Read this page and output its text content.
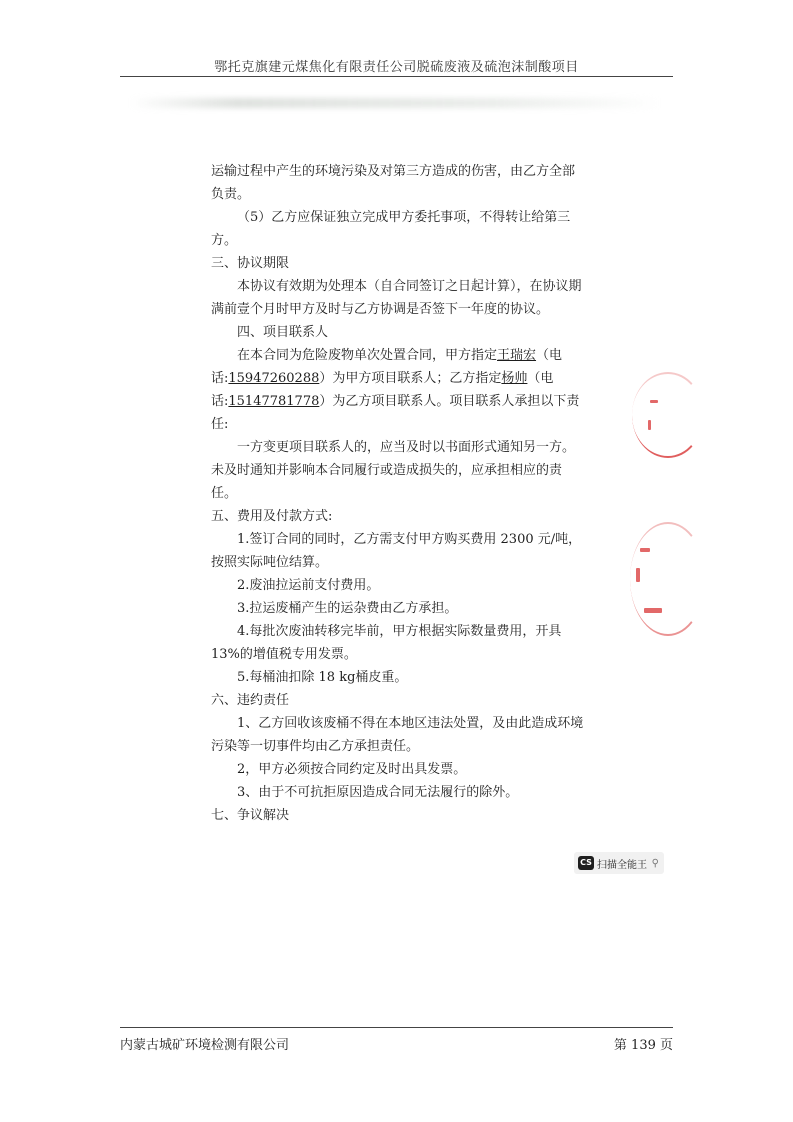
鄂托克旗建元煤焦化有限责任公司脱硫废液及硫泡沫制酸项目

运输过程中产生的环境污染及对第三方造成的伤害，由乙方全部负责。

（5）乙方应保证独立完成甲方委托事项，不得转让给第三方。

三、协议期限

本协议有效期为处理本（自合同签订之日起计算），在协议期满前壹个月时甲方及时与乙方协调是否签下一年度的协议。

四、项目联系人

在本合同为危险废物单次处置合同，甲方指定王瑞宏（电话:15947260288）为甲方项目联系人；乙方指定杨帅（电话:15147781778）为乙方项目联系人。项目联系人承担以下责任:

一方变更项目联系人的，应当及时以书面形式通知另一方。未及时通知并影响本合同履行或造成损失的，应承担相应的责任。

五、费用及付款方式:

1.签订合同的同时，乙方需支付甲方购买费用 2300 元/吨，按照实际吨位结算。

2.废油拉运前支付费用。

3.拉运废桶产生的运杂费由乙方承担。

4.每批次废油转移完毕前，甲方根据实际数量费用，开具 13%的增值税专用发票。

5.每桶油扣除 18 kg桶皮重。

六、违约责任

1、乙方回收该废桶不得在本地区违法处置，及由此造成环境污染等一切事件均由乙方承担责任。

2，甲方必须按合同约定及时出具发票。

3、由于不可抗拒原因造成合同无法履行的除外。

七、争议解决

CS 扫描全能王 ⚲
内蒙古城矿环境检测有限公司	第 139 页
